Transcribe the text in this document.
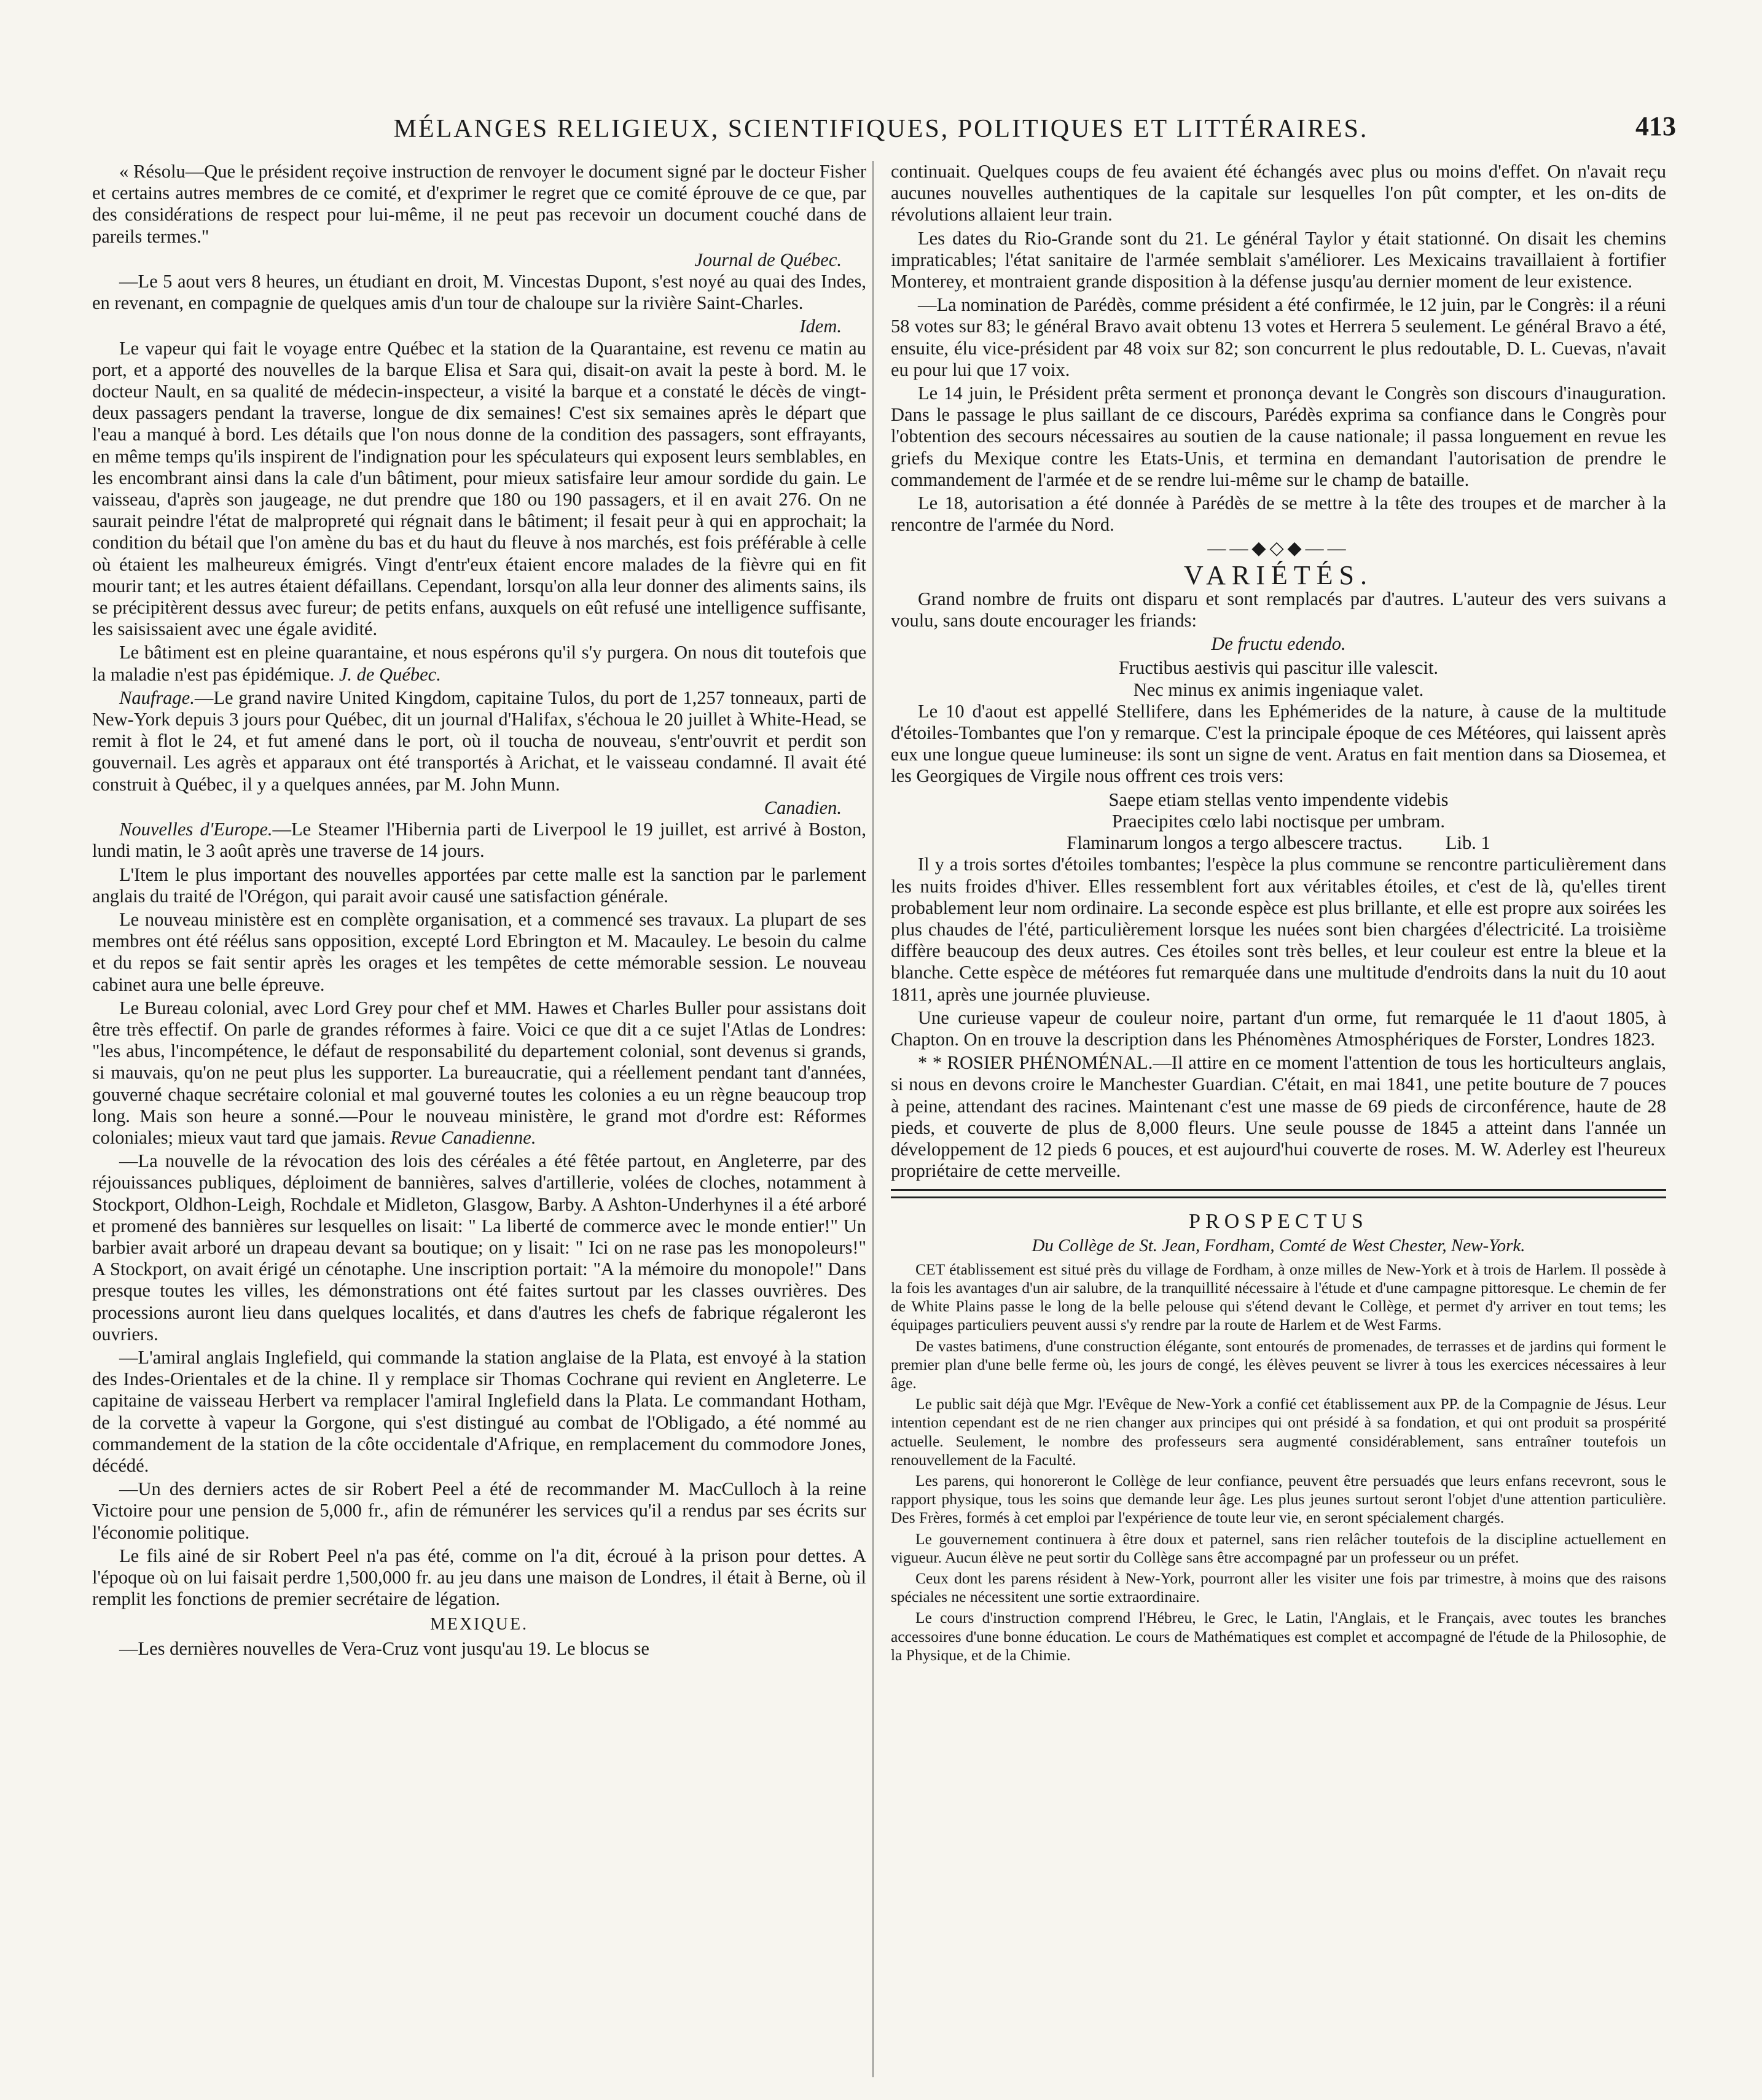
MÉLANGES RELIGIEUX, SCIENTIFIQUES, POLITIQUES ET LITTÉRAIRES.	413

« Résolu—Que le président reçoive instruction de renvoyer le document signé par le docteur Fisher et certains autres membres de ce comité, et d'exprimer le regret que ce comité éprouve de ce que, par des considérations de respect pour lui-même, il ne peut pas recevoir un document couché dans de pareils termes."

Journal de Québec.

—Le 5 aout vers 8 heures, un étudiant en droit, M. Vincestas Dupont, s'est noyé au quai des Indes, en revenant, en compagnie de quelques amis d'un tour de chaloupe sur la rivière Saint-Charles.

Idem.

Le vapeur qui fait le voyage entre Québec et la station de la Quarantaine, est revenu ce matin au port, et a apporté des nouvelles de la barque Elisa et Sara qui, disait-on avait la peste à bord. M. le docteur Nault, en sa qualité de médecin-inspecteur, a visité la barque et a constaté le décès de vingt-deux passagers pendant la traverse, longue de dix semaines! C'est six semaines après le départ que l'eau a manqué à bord. Les détails que l'on nous donne de la condition des passagers, sont effrayants, en même temps qu'ils inspirent de l'indignation pour les spéculateurs qui exposent leurs semblables, en les encombrant ainsi dans la cale d'un bâtiment, pour mieux satisfaire leur amour sordide du gain. Le vaisseau, d'après son jaugeage, ne dut prendre que 180 ou 190 passagers, et il en avait 276. On ne saurait peindre l'état de malpropreté qui régnait dans le bâtiment; il fesait peur à qui en approchait; la condition du bétail que l'on amène du bas et du haut du fleuve à nos marchés, est fois préférable à celle où étaient les malheureux émigrés. Vingt d'entr'eux étaient encore malades de la fièvre qui en fit mourir tant; et les autres étaient défaillans. Cependant, lorsqu'on alla leur donner des aliments sains, ils se précipitèrent dessus avec fureur; de petits enfans, auxquels on eût refusé une intelligence suffisante, les saisissaient avec une égale avidité.

Le bâtiment est en pleine quarantaine, et nous espérons qu'il s'y purgera. On nous dit toutefois que la maladie n'est pas épidémique. J. de Québec.

Naufrage.—Le grand navire United Kingdom, capitaine Tulos, du port de 1,257 tonneaux, parti de New-York depuis 3 jours pour Québec, dit un journal d'Halifax, s'échoua le 20 juillet à White-Head, se remit à flot le 24, et fut amené dans le port, où il toucha de nouveau, s'entr'ouvrit et perdit son gouvernail. Les agrès et apparaux ont été transportés à Arichat, et le vaisseau condamné. Il avait été construit à Québec, il y a quelques années, par M. John Munn.

Canadien.

Nouvelles d'Europe.—Le Steamer l'Hibernia parti de Liverpool le 19 juillet, est arrivé à Boston, lundi matin, le 3 août après une traverse de 14 jours.

L'Item le plus important des nouvelles apportées par cette malle est la sanction par le parlement anglais du traité de l'Orégon, qui parait avoir causé une satisfaction générale.

Le nouveau ministère est en complète organisation, et a commencé ses travaux. La plupart de ses membres ont été réélus sans opposition, excepté Lord Ebrington et M. Macauley. Le besoin du calme et du repos se fait sentir après les orages et les tempêtes de cette mémorable session. Le nouveau cabinet aura une belle épreuve.

Le Bureau colonial, avec Lord Grey pour chef et MM. Hawes et Charles Buller pour assistans doit être très effectif. On parle de grandes réformes à faire. Voici ce que dit a ce sujet l'Atlas de Londres: "les abus, l'incompétence, le défaut de responsabilité du departement colonial, sont devenus si grands, si mauvais, qu'on ne peut plus les supporter. La bureaucratie, qui a réellement pendant tant d'années, gouverné chaque secrétaire colonial et mal gouverné toutes les colonies a eu un règne beaucoup trop long. Mais son heure a sonné.—Pour le nouveau ministère, le grand mot d'ordre est: Réformes coloniales; mieux vaut tard que jamais. Revue Canadienne.

—La nouvelle de la révocation des lois des céréales a été fêtée partout, en Angleterre, par des réjouissances publiques, déploiment de bannières, salves d'artillerie, volées de cloches, notamment à Stockport, Oldhon-Leigh, Rochdale et Midleton, Glasgow, Barby. A Ashton-Underhynes il a été arboré et promené des bannières sur lesquelles on lisait: " La liberté de commerce avec le monde entier!" Un barbier avait arboré un drapeau devant sa boutique; on y lisait: " Ici on ne rase pas les monopoleurs!" A Stockport, on avait érigé un cénotaphe. Une inscription portait: "A la mémoire du monopole!" Dans presque toutes les villes, les démonstrations ont été faites surtout par les classes ouvrières. Des processions auront lieu dans quelques localités, et dans d'autres les chefs de fabrique régaleront les ouvriers.

—L'amiral anglais Inglefield, qui commande la station anglaise de la Plata, est envoyé à la station des Indes-Orientales et de la chine. Il y remplace sir Thomas Cochrane qui revient en Angleterre. Le capitaine de vaisseau Herbert va remplacer l'amiral Inglefield dans la Plata. Le commandant Hotham, de la corvette à vapeur la Gorgone, qui s'est distingué au combat de l'Obligado, a été nommé au commandement de la station de la côte occidentale d'Afrique, en remplacement du commodore Jones, décédé.

—Un des derniers actes de sir Robert Peel a été de recommander M. MacCulloch à la reine Victoire pour une pension de 5,000 fr., afin de rémunérer les services qu'il a rendus par ses écrits sur l'économie politique.

Le fils ainé de sir Robert Peel n'a pas été, comme on l'a dit, écroué à la prison pour dettes. A l'époque où on lui faisait perdre 1,500,000 fr. au jeu dans une maison de Londres, il était à Berne, où il remplit les fonctions de premier secrétaire de légation.

MEXIQUE.

—Les dernières nouvelles de Vera-Cruz vont jusqu'au 19. Le blocus se

continuait. Quelques coups de feu avaient été échangés avec plus ou moins d'effet. On n'avait reçu aucunes nouvelles authentiques de la capitale sur lesquelles l'on pût compter, et les on-dits de révolutions allaient leur train.

Les dates du Rio-Grande sont du 21. Le général Taylor y était stationné. On disait les chemins impraticables; l'état sanitaire de l'armée semblait s'améliorer. Les Mexicains travaillaient à fortifier Monterey, et montraient grande disposition à la défense jusqu'au dernier moment de leur existence.

—La nomination de Parédès, comme président a été confirmée, le 12 juin, par le Congrès: il a réuni 58 votes sur 83; le général Bravo avait obtenu 13 votes et Herrera 5 seulement. Le général Bravo a été, ensuite, élu vice-président par 48 voix sur 82; son concurrent le plus redoutable, D. L. Cuevas, n'avait eu pour lui que 17 voix.

Le 14 juin, le Président prêta serment et prononça devant le Congrès son discours d'inauguration. Dans le passage le plus saillant de ce discours, Parédès exprima sa confiance dans le Congrès pour l'obtention des secours nécessaires au soutien de la cause nationale; il passa longuement en revue les griefs du Mexique contre les Etats-Unis, et termina en demandant l'autorisation de prendre le commandement de l'armée et de se rendre lui-même sur le champ de bataille.

Le 18, autorisation a été donnée à Parédès de se mettre à la tête des troupes et de marcher à la rencontre de l'armée du Nord.

——◆◇◆——
VARIÉTÉS.

Grand nombre de fruits ont disparu et sont remplacés par d'autres. L'auteur des vers suivans a voulu, sans doute encourager les friands:

De fructu edendo.

Fructibus aestivis qui pascitur ille valescit.

Nec minus ex animis ingeniaque valet.

Le 10 d'aout est appellé Stellifere, dans les Ephémerides de la nature, à cause de la multitude d'étoiles-Tombantes que l'on y remarque. C'est la principale époque de ces Météores, qui laissent après eux une longue queue lumineuse: ils sont un signe de vent. Aratus en fait mention dans sa Diosemea, et les Georgiques de Virgile nous offrent ces trois vers:

Saepe etiam stellas vento impendente videbis

Praecipites cœlo labi noctisque per umbram.

Flaminarum longos a tergo albescere tractus. Lib. 1

Il y a trois sortes d'étoiles tombantes; l'espèce la plus commune se rencontre particulièrement dans les nuits froides d'hiver. Elles ressemblent fort aux véritables étoiles, et c'est de là, qu'elles tirent probablement leur nom ordinaire. La seconde espèce est plus brillante, et elle est propre aux soirées les plus chaudes de l'été, particulièrement lorsque les nuées sont bien chargées d'électricité. La troisième diffère beaucoup des deux autres. Ces étoiles sont très belles, et leur couleur est entre la bleue et la blanche. Cette espèce de météores fut remarquée dans une multitude d'endroits dans la nuit du 10 aout 1811, après une journée pluvieuse.

Une curieuse vapeur de couleur noire, partant d'un orme, fut remarquée le 11 d'aout 1805, à Chapton. On en trouve la description dans les Phénomènes Atmosphériques de Forster, Londres 1823.

* * ROSIER PHÉNOMÉNAL.—Il attire en ce moment l'attention de tous les horticulteurs anglais, si nous en devons croire le Manchester Guardian. C'était, en mai 1841, une petite bouture de 7 pouces à peine, attendant des racines. Maintenant c'est une masse de 69 pieds de circonférence, haute de 28 pieds, et couverte de plus de 8,000 fleurs. Une seule pousse de 1845 a atteint dans l'année un développement de 12 pieds 6 pouces, et est aujourd'hui couverte de roses. M. W. Aderley est l'heureux propriétaire de cette merveille.

PROSPECTUS
Du Collège de St. Jean, Fordham, Comté de West Chester, New-York.

CET établissement est situé près du village de Fordham, à onze milles de New-York et à trois de Harlem. Il possède à la fois les avantages d'un air salubre, de la tranquillité nécessaire à l'étude et d'une campagne pittoresque. Le chemin de fer de White Plains passe le long de la belle pelouse qui s'étend devant le Collège, et permet d'y arriver en tout tems; les équipages particuliers peuvent aussi s'y rendre par la route de Harlem et de West Farms.

De vastes batimens, d'une construction élégante, sont entourés de promenades, de terrasses et de jardins qui forment le premier plan d'une belle ferme où, les jours de congé, les élèves peuvent se livrer à tous les exercices nécessaires à leur âge.

Le public sait déjà que Mgr. l'Evêque de New-York a confié cet établissement aux PP. de la Compagnie de Jésus. Leur intention cependant est de ne rien changer aux principes qui ont présidé à sa fondation, et qui ont produit sa prospérité actuelle. Seulement, le nombre des professeurs sera augmenté considérablement, sans entraîner toutefois un renouvellement de la Faculté.

Les parens, qui honoreront le Collège de leur confiance, peuvent être persuadés que leurs enfans recevront, sous le rapport physique, tous les soins que demande leur âge. Les plus jeunes surtout seront l'objet d'une attention particulière. Des Frères, formés à cet emploi par l'expérience de toute leur vie, en seront spécialement chargés.

Le gouvernement continuera à être doux et paternel, sans rien relâcher toutefois de la discipline actuellement en vigueur. Aucun élève ne peut sortir du Collège sans être accompagné par un professeur ou un préfet.

Ceux dont les parens résident à New-York, pourront aller les visiter une fois par trimestre, à moins que des raisons spéciales ne nécessitent une sortie extraordinaire.

Le cours d'instruction comprend l'Hébreu, le Grec, le Latin, l'Anglais, et le Français, avec toutes les branches accessoires d'une bonne éducation. Le cours de Mathématiques est complet et accompagné de l'étude de la Philosophie, de la Physique, et de la Chimie.
